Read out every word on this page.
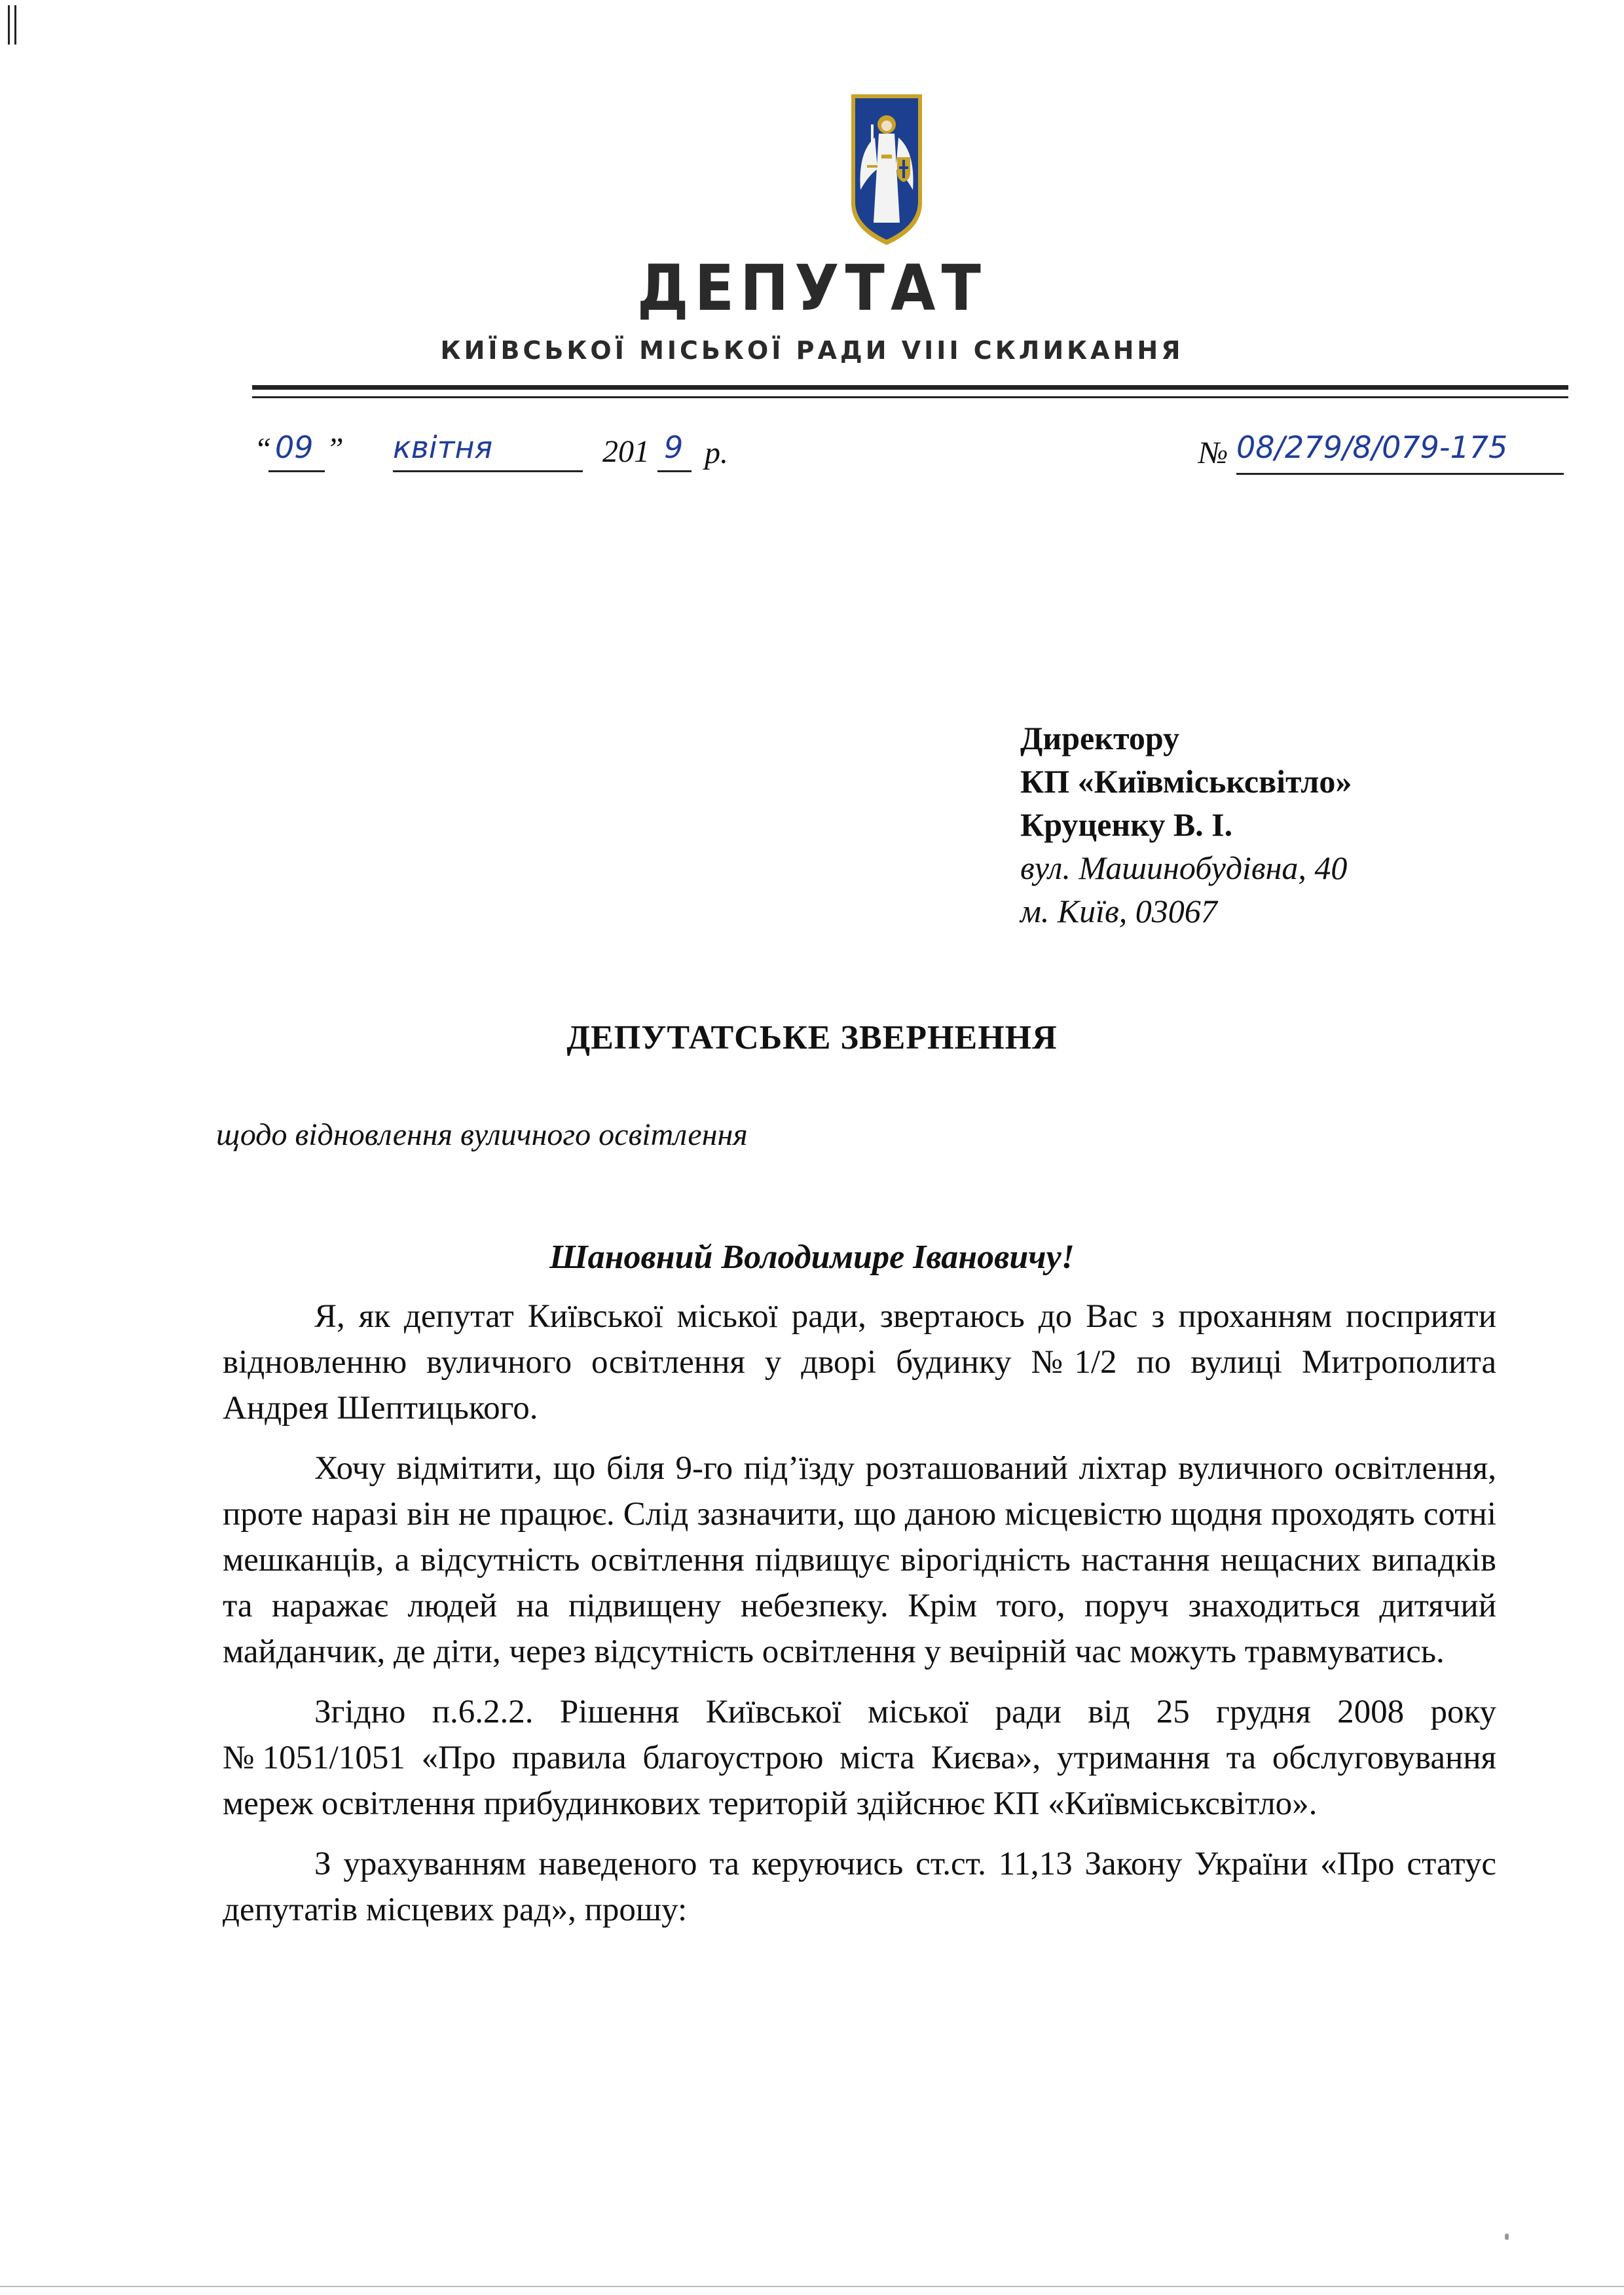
ДЕПУТАТ
КИЇВСЬКОЇ МІСЬКОЇ РАДИ VIII СКЛИКАННЯ
“ 09 ” квітня	201 9 р.	№ 08/279/8/079-175
Директору
КП «Київміськсвітло»
Круценку В. І.
вул. Машинобудівна, 40
м. Київ, 03067
ДЕПУТАТСЬКЕ ЗВЕРНЕННЯ
щодо відновлення вуличного освітлення
Шановний Володимире Івановичу!

Я, як депутат Київської міської ради, звертаюсь до Вас з проханням посприяти відновленню вуличного освітлення у дворі будинку №1/2 по вулиці Митрополита Андрея Шептицького.

Хочу відмітити, що біля 9-го під’їзду розташований ліхтар вуличного освітлення, проте наразі він не працює. Слід зазначити, що даною місцевістю щодня проходять сотні мешканців, а відсутність освітлення підвищує вірогідність настання нещасних випадків та наражає людей на підвищену небезпеку. Крім того, поруч знаходиться дитячий майданчик, де діти, через відсутність освітлення у вечірній час можуть травмуватись.

Згідно п.6.2.2. Рішення Київської міської ради від 25 грудня 2008 року №1051/1051 «Про правила благоустрою міста Києва», утримання та обслуговування мереж освітлення прибудинкових територій здійснює КП «Київміськсвітло».

З урахуванням наведеного та керуючись ст.ст. 11,13 Закону України «Про статус депутатів місцевих рад», прошу:
